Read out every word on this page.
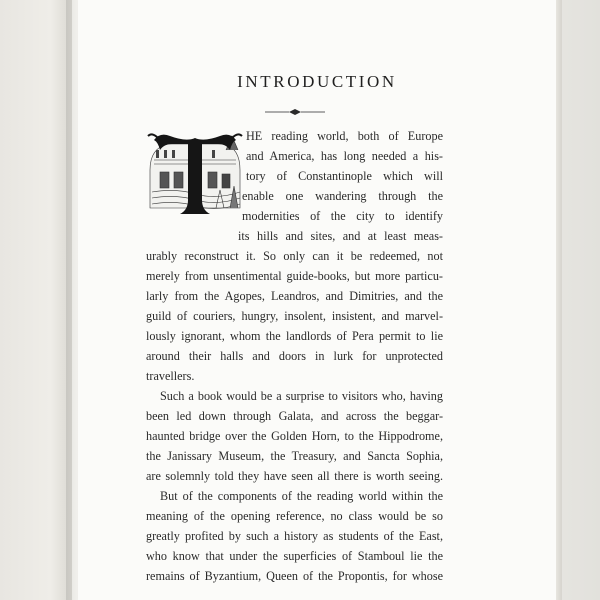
INTRODUCTION
HE reading world, both of Europe
and America, has long needed a his-
tory of Constantinople which will
enable one wandering through the
modernities of the city to identify
its hills and sites, and at least meas-
urably reconstruct it. So only can it be redeemed, not
merely from unsentimental guide-books, but more particu-
larly from the Agopes, Leandros, and Dimitries, and the
guild of couriers, hungry, insolent, insistent, and marvel-
lously ignorant, whom the landlords of Pera permit to lie
around their halls and doors in lurk for unprotected
travellers.
Such a book would be a surprise to visitors who, having
been led down through Galata, and across the beggar-
haunted bridge over the Golden Horn, to the Hippodrome,
the Janissary Museum, the Treasury, and Sancta Sophia,
are solemnly told they have seen all there is worth seeing.
But of the components of the reading world within the
meaning of the opening reference, no class would be so
greatly profited by such a history as students of the East,
who know that under the superficies of Stamboul lie the
remains of Byzantium, Queen of the Propontis, for whose
